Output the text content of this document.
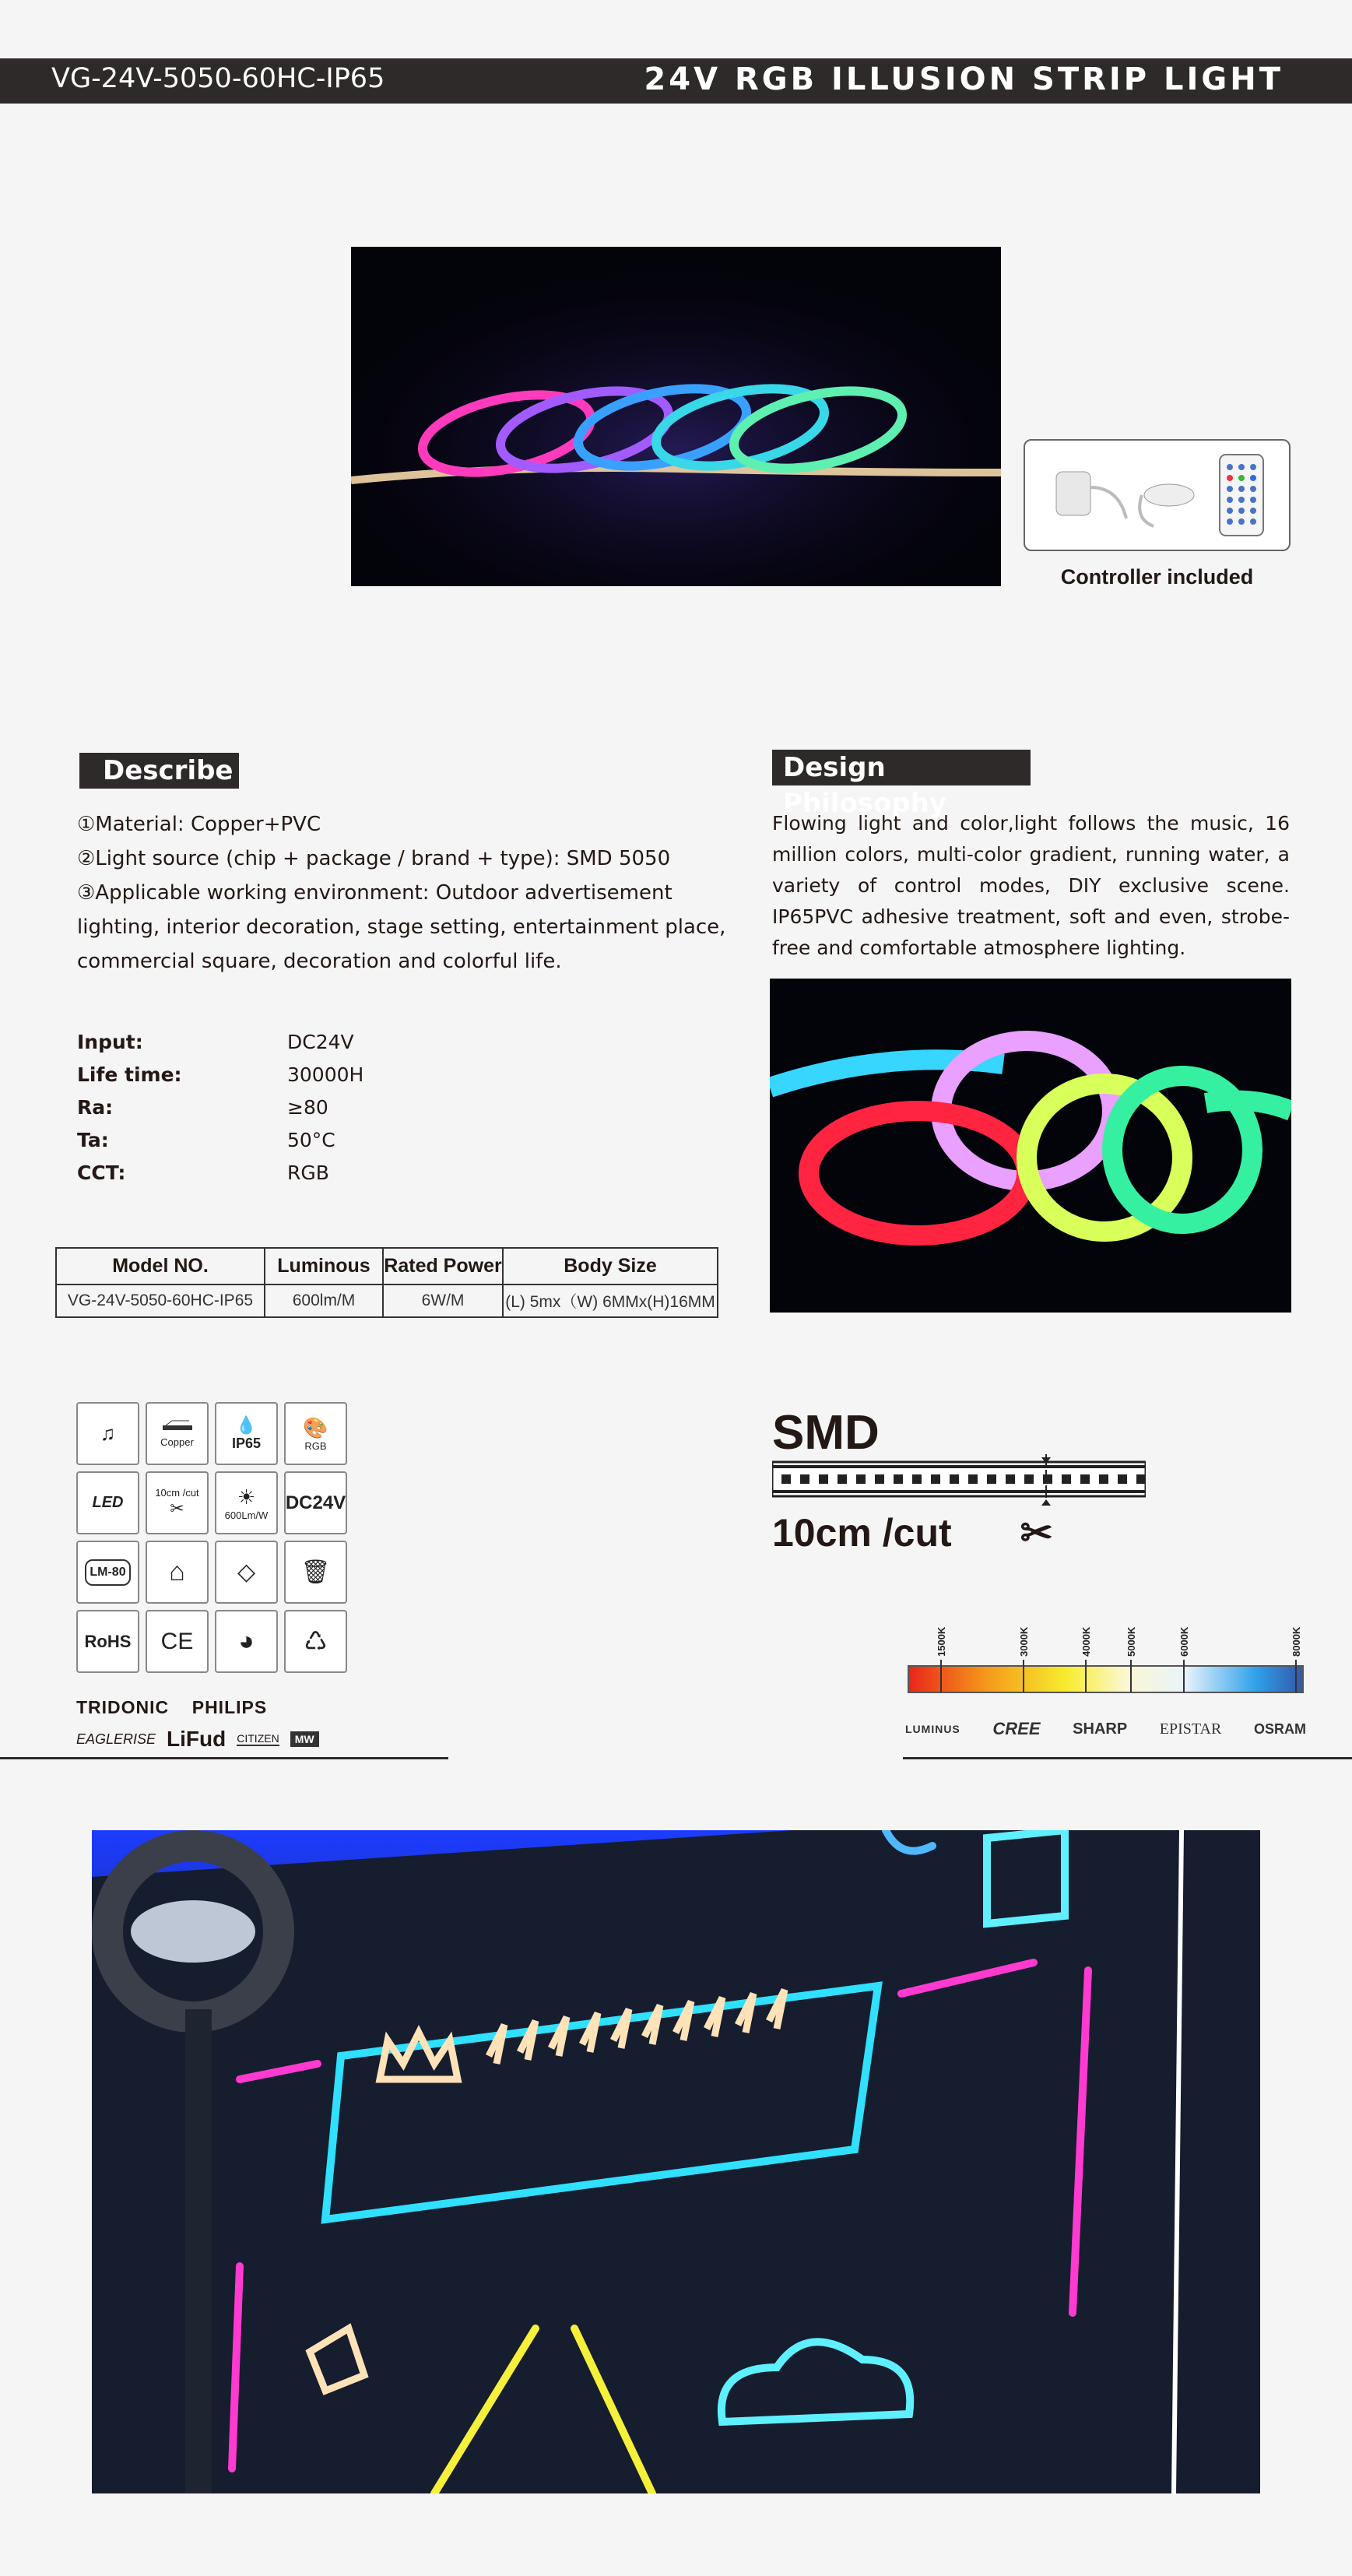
VG-24V-5050-60HC-IP65	24V RGB ILLUSION STRIP LIGHT
Controller included
Describe
①Material: Copper+PVC
②Light source (chip + package / brand + type): SMD 5050
③Applicable working environment: Outdoor advertisement lighting, interior decoration, stage setting, entertainment place, commercial square, decoration and colorful life.
Design Philosophy
Flowing light and color,light follows the music, 16 million colors, multi-color gradient, running water, a variety of control modes, DIY exclusive scene. IP65PVC adhesive treatment, soft and even, strobe-free and comfortable atmosphere lighting.
Input:	DC24V
Life time:	30000H
Ra:	≥80
Ta:	50°C
CCT:	RGB
Model NO.	Luminous	Rated Power	Body Size
VG-24V-5050-60HC-IP65	600lm/M	6W/M	(L) 5mx（W) 6MMx(H)16MM
♫	Copper
💧
IP65
🎨
RGB
LED
10cm /cut
✂	☀
600Lm/W
DC24V
LM-80 ⌂ ◇ 🗑
RoHS CE ◕ ♺
TRIDONIC PHILIPS
EAGLERISE LiFud CITIZEN	MW
SMD
10cm /cut ✂
1500K	3000K	4000K	5000K	6000K	8000K
LUMINUS CREE SHARP EPISTAR OSRAM
